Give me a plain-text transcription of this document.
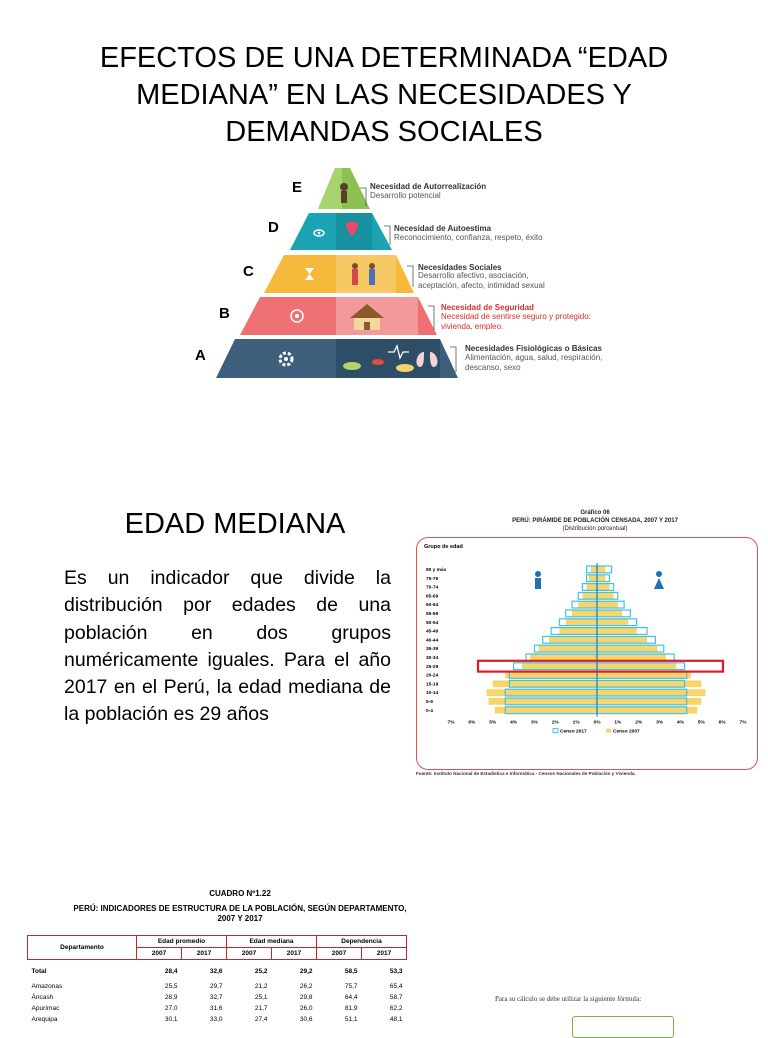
EFECTOS DE UNA DETERMINADA “EDAD
MEDIANA” EN LAS NECESIDADES Y
DEMANDAS SOCIALES
E
D
C
B
A
Necesidad de Autorrealización
Desarrollo potencial
Necesidad de Autoestima
Reconocimiento, confianza, respeto, éxito
Necesidades Sociales
Desarrollo afectivo, asociación, aceptación, afecto, intimidad sexual
Necesidad de Seguridad
Necesidad de sentirse seguro y protegido: vivienda, empleo.
Necesidades Fisiológicas o Básicas
Alimentación, agua, salud, respiración, descanso, sexo
EDAD MEDIANA
Es un indicador que divide la distribución por edades de una población en dos grupos numéricamente iguales. Para el año 2017 en el Perú, la edad mediana de la población es 29 años
Gráfico 06
PERÚ: PIRÁMIDE DE POBLACIÓN CENSADA, 2007 Y 2017
(Distribución porcentual)
Grupo de edad
80 y más
75-79
70-74
65-69
60-64
55-59
50-54
45-49
40-44
35-39
30-34
25-29
20-24
15-19
10-14
5-9
0-4
7%	6%	5%	4%	3%	2%	1%	0%	1%	2%	3%	4%	5%	6%	7%
Censo 2017	Censo 2007
Fuente: Instituto Nacional de Estadística e Informática - Censos Nacionales de Población y Vivienda.
CUADRO Nº1.22
PERÚ: INDICADORES DE ESTRUCTURA DE LA POBLACIÓN, SEGÚN DEPARTAMENTO,
2007 Y 2017
Departamento	Edad promedio		Edad mediana		Dependencia	
	2007	2017	2007	2017	2007	2017

Total	28,4	32,6	25,2	29,2	58,5	53,3

Amazonas	25,5	29,7	21,2	26,2	75,7	65,4
Áncash	28,9	32,7	25,1	29,8	64,4	58,7
Apurímac	27,0	31,6	21,7	26,0	81,9	62,2
Arequipa	30,1	33,0	27,4	30,6	51,1	48,1
Para su cálculo se debe utilizar la siguiente fórmula:
